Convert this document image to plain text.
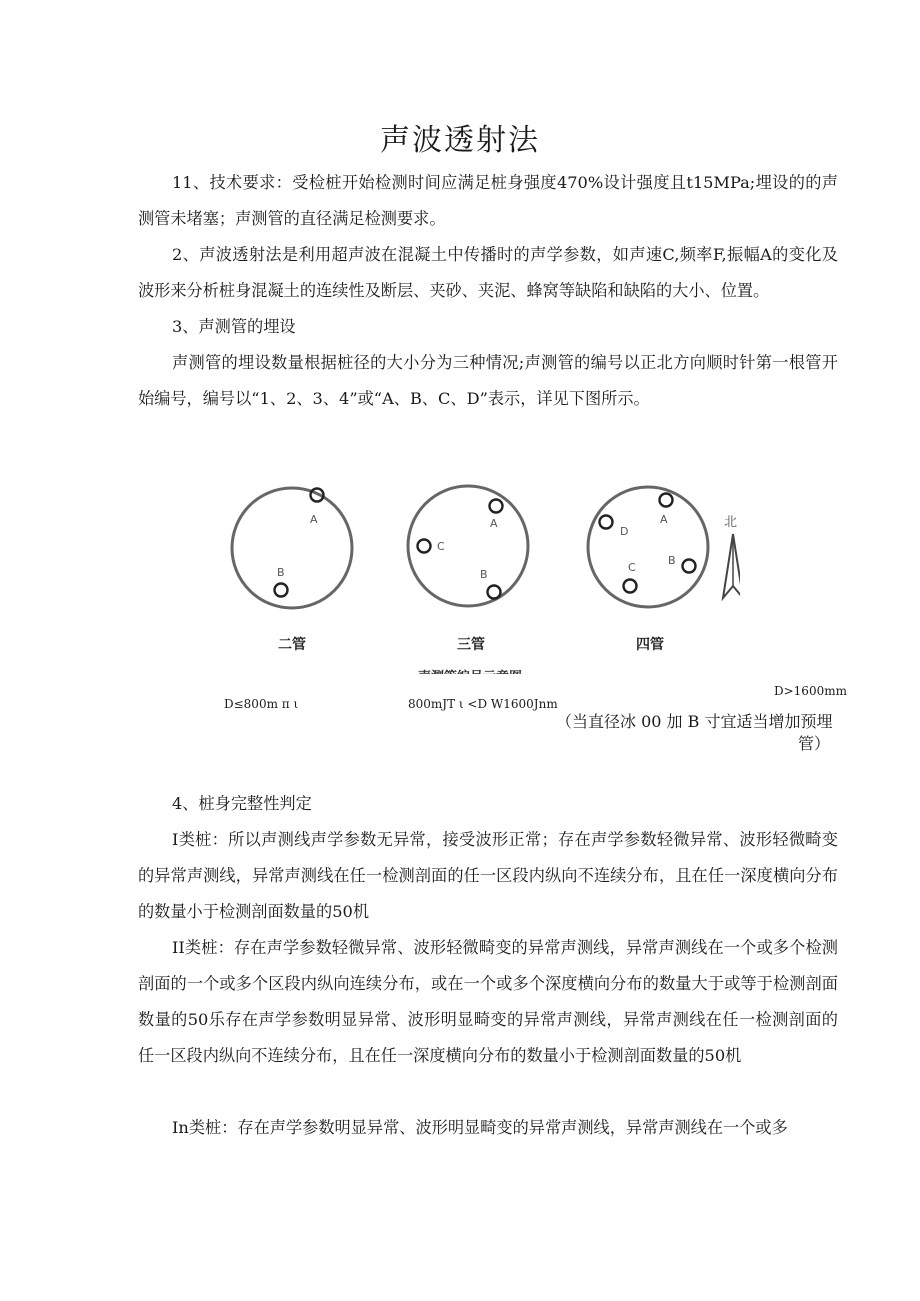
声波透射法

11、技术要求：受检桩开始检测时间应满足桩身强度470%设计强度且t15MPa;埋设的的声测管未堵塞；声测管的直径满足检测要求。

2、声波透射法是利用超声波在混凝土中传播时的声学参数，如声速C,频率F,振幅A的变化及波形来分析桩身混凝土的连续性及断层、夹砂、夹泥、蜂窝等缺陷和缺陷的大小、位置。

3、声测管的埋设

声测管的埋设数量根据桩径的大小分为三种情况;声测管的编号以正北方向顺时针第一根管开始编号，编号以“1、2、3、4”或“A、B、C、D”表示，详见下图所示。

A
B
二管
A
C
B
三管
A
D
B
C
四管
北
D≤800m π ι	800mJT ι <D W1600Jnm
D>1600mm
（当直径冰 00 加 B 寸宜适当增加预埋
管）

4、桩身完整性判定

I类桩：所以声测线声学参数无异常，接受波形正常；存在声学参数轻微异常、波形轻微畸变的异常声测线，异常声测线在任一检测剖面的任一区段内纵向不连续分布，且在任一深度横向分布的数量小于检测剖面数量的50机

II类桩：存在声学参数轻微异常、波形轻微畸变的异常声测线，异常声测线在一个或多个检测剖面的一个或多个区段内纵向连续分布，或在一个或多个深度横向分布的数量大于或等于检测剖面数量的50乐存在声学参数明显异常、波形明显畸变的异常声测线，异常声测线在任一检测剖面的任一区段内纵向不连续分布，且在任一深度横向分布的数量小于检测剖面数量的50机

In类桩：存在声学参数明显异常、波形明显畸变的异常声测线，异常声测线在一个或多
